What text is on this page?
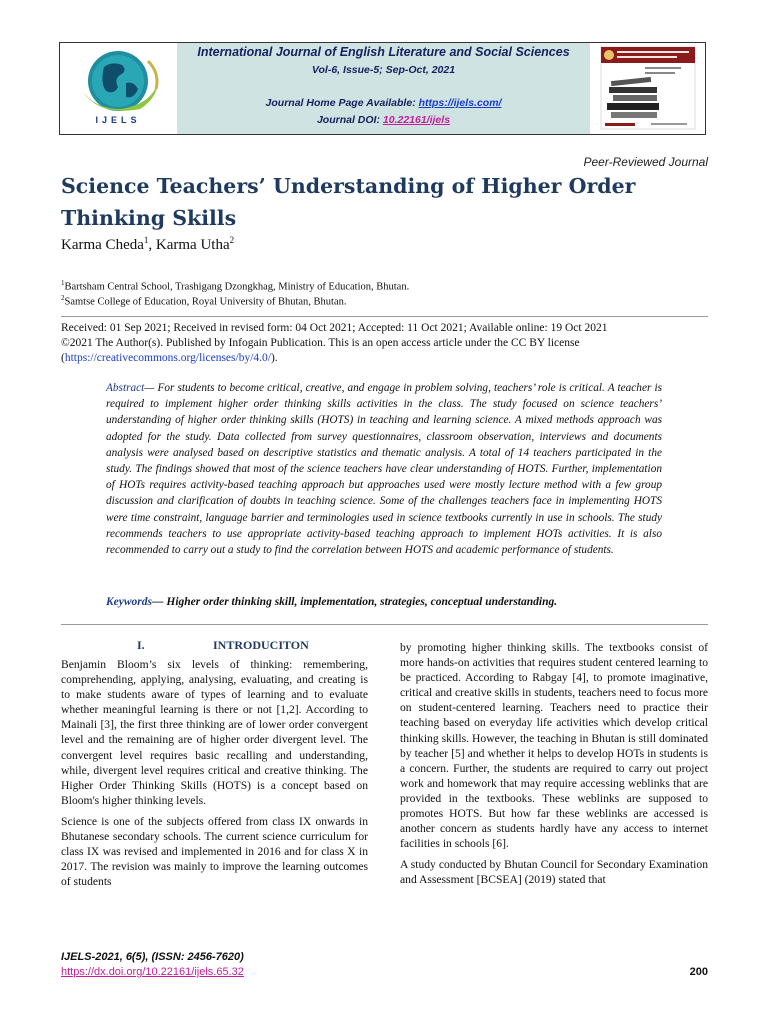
IJELS
International Journal of English Literature and Social Sciences
Vol-6, Issue-5; Sep-Oct, 2021
Journal Home Page Available: https://ijels.com/
Journal DOI: 10.22161/ijels
Peer-Reviewed Journal
Science Teachers’ Understanding of Higher Order Thinking Skills
Karma Cheda$^1$, Karma Utha$^2$
$^1$Bartsham Central School, Trashigang Dzongkhag, Ministry of Education, Bhutan.
$^2$Samtse College of Education, Royal University of Bhutan, Bhutan.
Received: 01 Sep 2021; Received in revised form: 04 Oct 2021; Accepted: 11 Oct 2021; Available online: 19 Oct 2021
©2021 The Author(s). Published by Infogain Publication. This is an open access article under the CC BY license
(https://creativecommons.org/licenses/by/4.0/).
Abstract— For students to become critical, creative, and engage in problem solving, teachers’ role is critical. A teacher is required to implement higher order thinking skills activities in the class. The study focused on science teachers’ understanding of higher order thinking skills (HOTS) in teaching and learning science. A mixed methods approach was adopted for the study. Data collected from survey questionnaires, classroom observation, interviews and documents analysis were analysed based on descriptive statistics and thematic analysis. A total of 14 teachers participated in the study. The findings showed that most of the science teachers have clear understanding of HOTS. Further, implementation of HOTs requires activity-based teaching approach but approaches used were mostly lecture method with a few group discussion and clarification of doubts in teaching science. Some of the challenges teachers face in implementing HOTS were time constraint, language barrier and terminologies used in science textbooks currently in use in schools. The study recommends teachers to use appropriate activity-based teaching approach to implement HOTs activities. It is also recommended to carry out a study to find the correlation between HOTS and academic performance of students.
Keywords— Higher order thinking skill, implementation, strategies, conceptual understanding.
I.	INTRODUCITON

Benjamin Bloom’s six levels of thinking: remembering, comprehending, applying, analysing, evaluating, and creating is to make students aware of types of learning and to evaluate whether meaningful learning is there or not [1,2]. According to Mainali [3], the first three thinking are of lower order convergent level and the remaining are of higher order divergent level. The convergent level requires basic recalling and understanding, while, divergent level requires critical and creative thinking. The Higher Order Thinking Skills (HOTS) is a concept based on Bloom's higher thinking levels.

Science is one of the subjects offered from class IX onwards in Bhutanese secondary schools. The current science curriculum for class IX was revised and implemented in 2016 and for class X in 2017. The revision was mainly to improve the learning outcomes of students

by promoting higher thinking skills. The textbooks consist of more hands-on activities that requires student centered learning to be practiced. According to Rabgay [4], to promote imaginative, critical and creative skills in students, teachers need to focus more on student-centered learning. Teachers need to practice their teaching based on everyday life activities which develop critical thinking skills. However, the teaching in Bhutan is still dominated by teacher [5] and whether it helps to develop HOTs in students is a concern. Further, the students are required to carry out project work and homework that may require accessing weblinks that are provided in the textbooks. These weblinks are supposed to promotes HOTS. But how far these weblinks are accessed is another concern as students hardly have any access to internet facilities in schools [6].

A study conducted by Bhutan Council for Secondary Examination and Assessment [BCSEA] (2019) stated that

IJELS-2021, 6(5), (ISSN: 2456-7620)
https://dx.doi.org/10.22161/ijels.65.32	200
